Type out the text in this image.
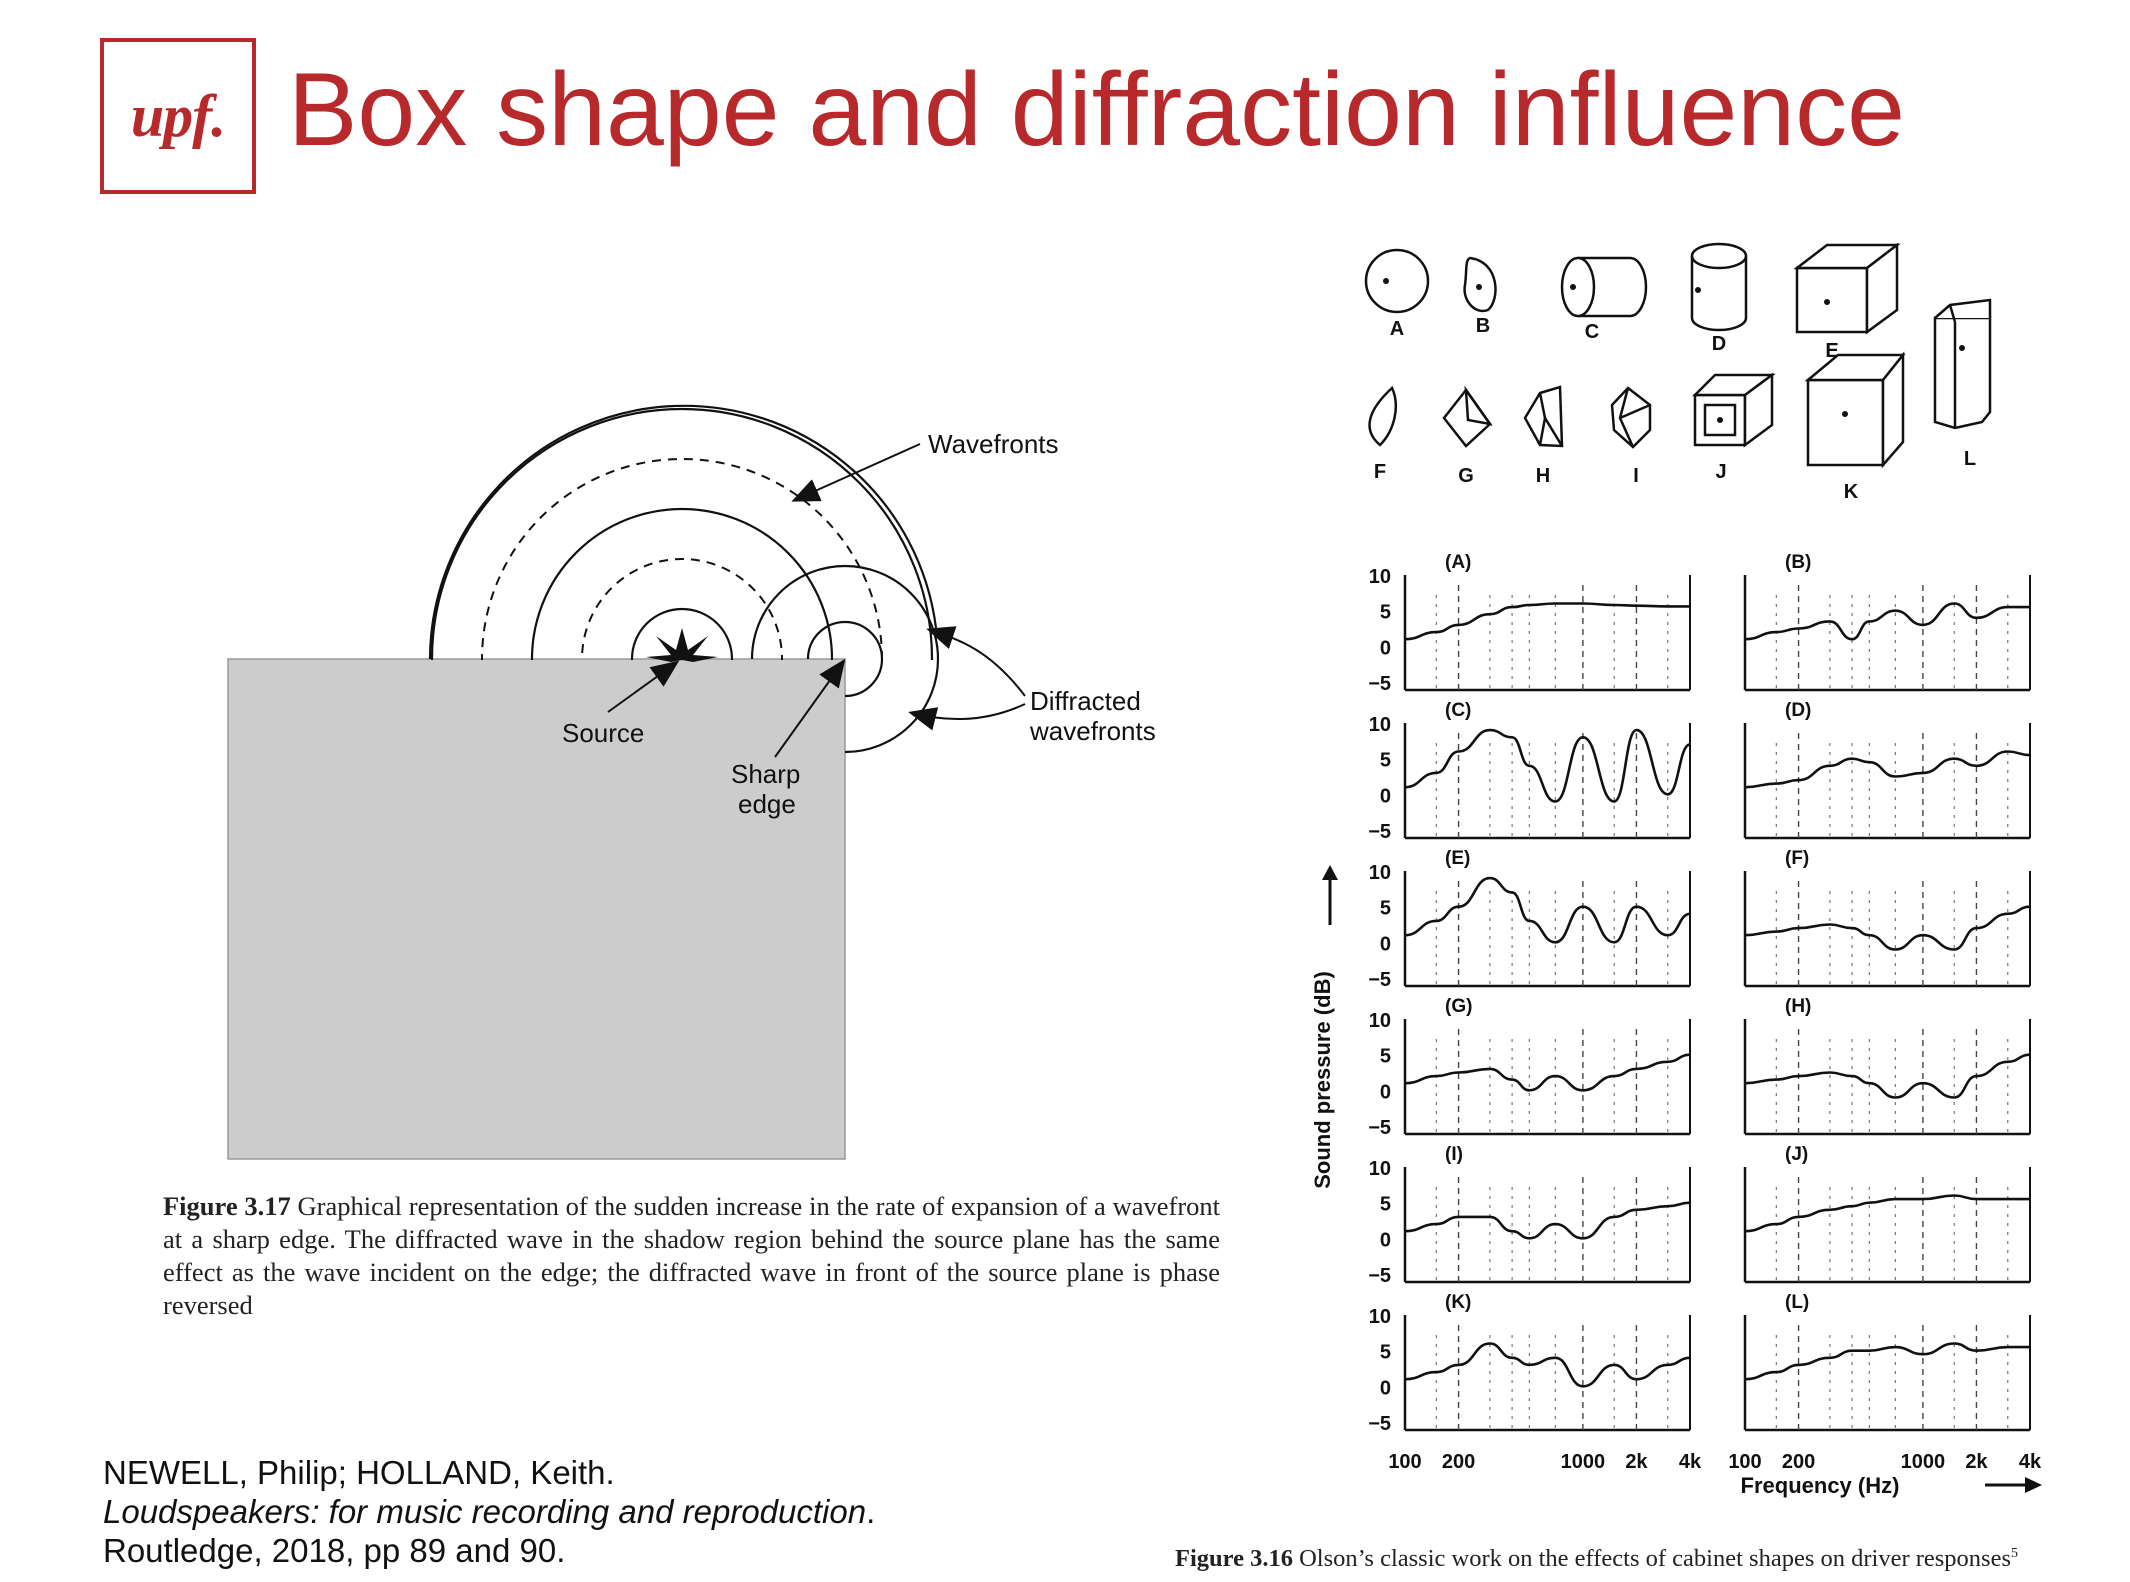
upf. Box shape and diffraction influence
Wavefronts
Diffracted
wavefronts
Source
Sharp
edge
Figure 3.17 Graphical representation of the sudden increase in the rate of expansion of a wavefront at a sharp edge. The diffracted wave in the shadow region behind the source plane has the same effect as the wave incident on the edge; the diffracted wave in front of the source plane is phase reversed
A	B	C
D	E
F	G	H	I	J
K
L
(A)
10
5
0
−5
(B)
(C)
10
5
0
−5
(D)
(E)
10
5
0
−5
(F)
(G)
10
5
0
−5
(H)
(I)
10
5
0
−5
(J)
(K)
10
5
0
−5
100 200	1000 2k 4k
(L)
100 200	1000 2k 4k
Sound pressure (dB)
Frequency (Hz)
Figure 3.16 Olson’s classic work on the effects of cabinet shapes on driver responses$^5$
NEWELL, Philip; HOLLAND, Keith.
Loudspeakers: for music recording and reproduction.
Routledge, 2018, pp 89 and 90.
